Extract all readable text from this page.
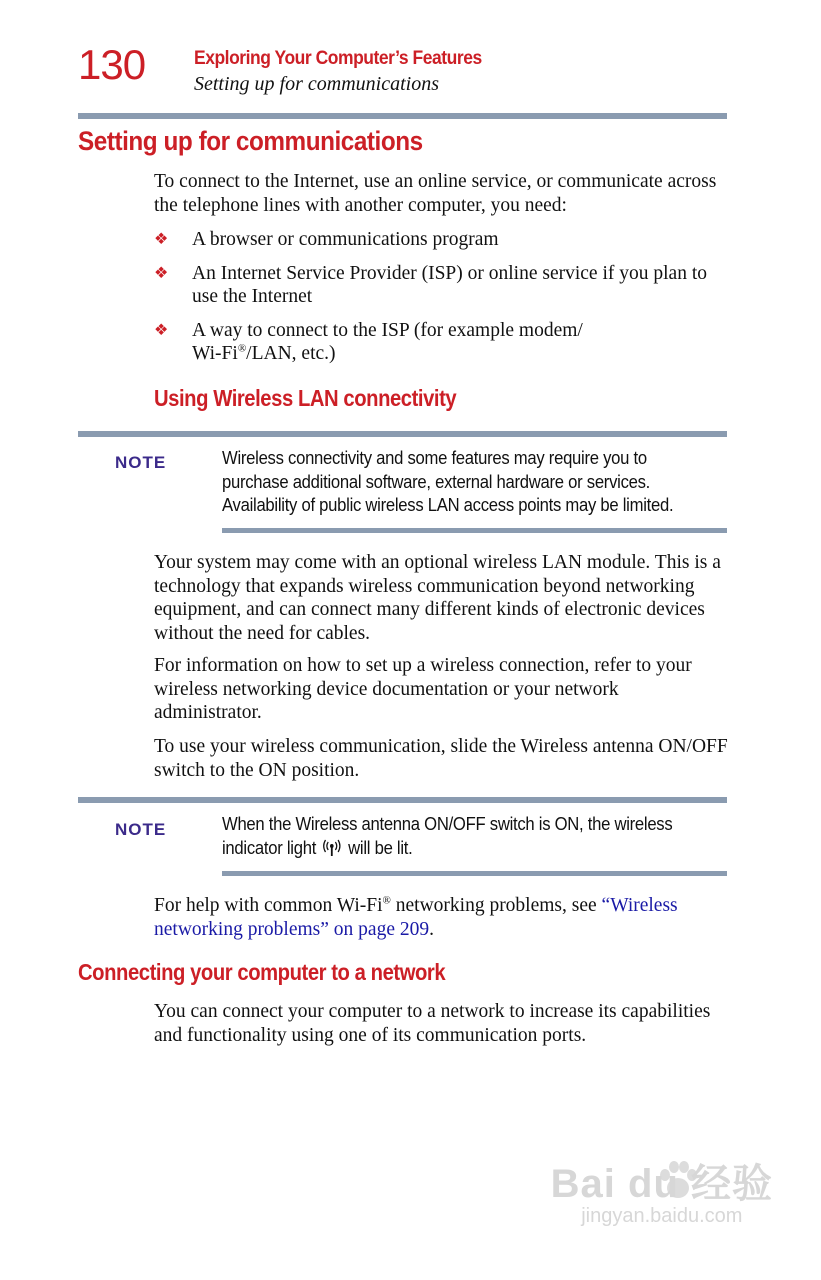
130	Exploring Your Computer’s Features
Setting up for communications
Setting up for communications

To connect to the Internet, use an online service, or communicate across the telephone lines with another computer, you need:

❖	A browser or communications program
❖	An Internet Service Provider (ISP) or online service if you plan to use the Internet
❖	A way to connect to the ISP (for example modem/
Wi-Fi®/LAN, etc.)
Using Wireless LAN connectivity
NOTE	Wireless connectivity and some features may require you to

purchase additional software, external hardware or services.

Availability of public wireless LAN access points may be limited.

Your system may come with an optional wireless LAN module. This is a technology that expands wireless communication beyond networking equipment, and can connect many different kinds of electronic devices without the need for cables.

For information on how to set up a wireless connection, refer to your wireless networking device documentation or your network administrator.

To use your wireless communication, slide the Wireless antenna ON/OFF switch to the ON position.

NOTE	When the Wireless antenna ON/OFF switch is ON, the wireless

indicator light will be lit.

For help with common Wi-Fi® networking problems, see “Wireless networking problems” on page 209.

Connecting your computer to a network

You can connect your computer to a network to increase its capabilities and functionality using one of its communication ports.

Bai du 经验
jingyan.baidu.com
